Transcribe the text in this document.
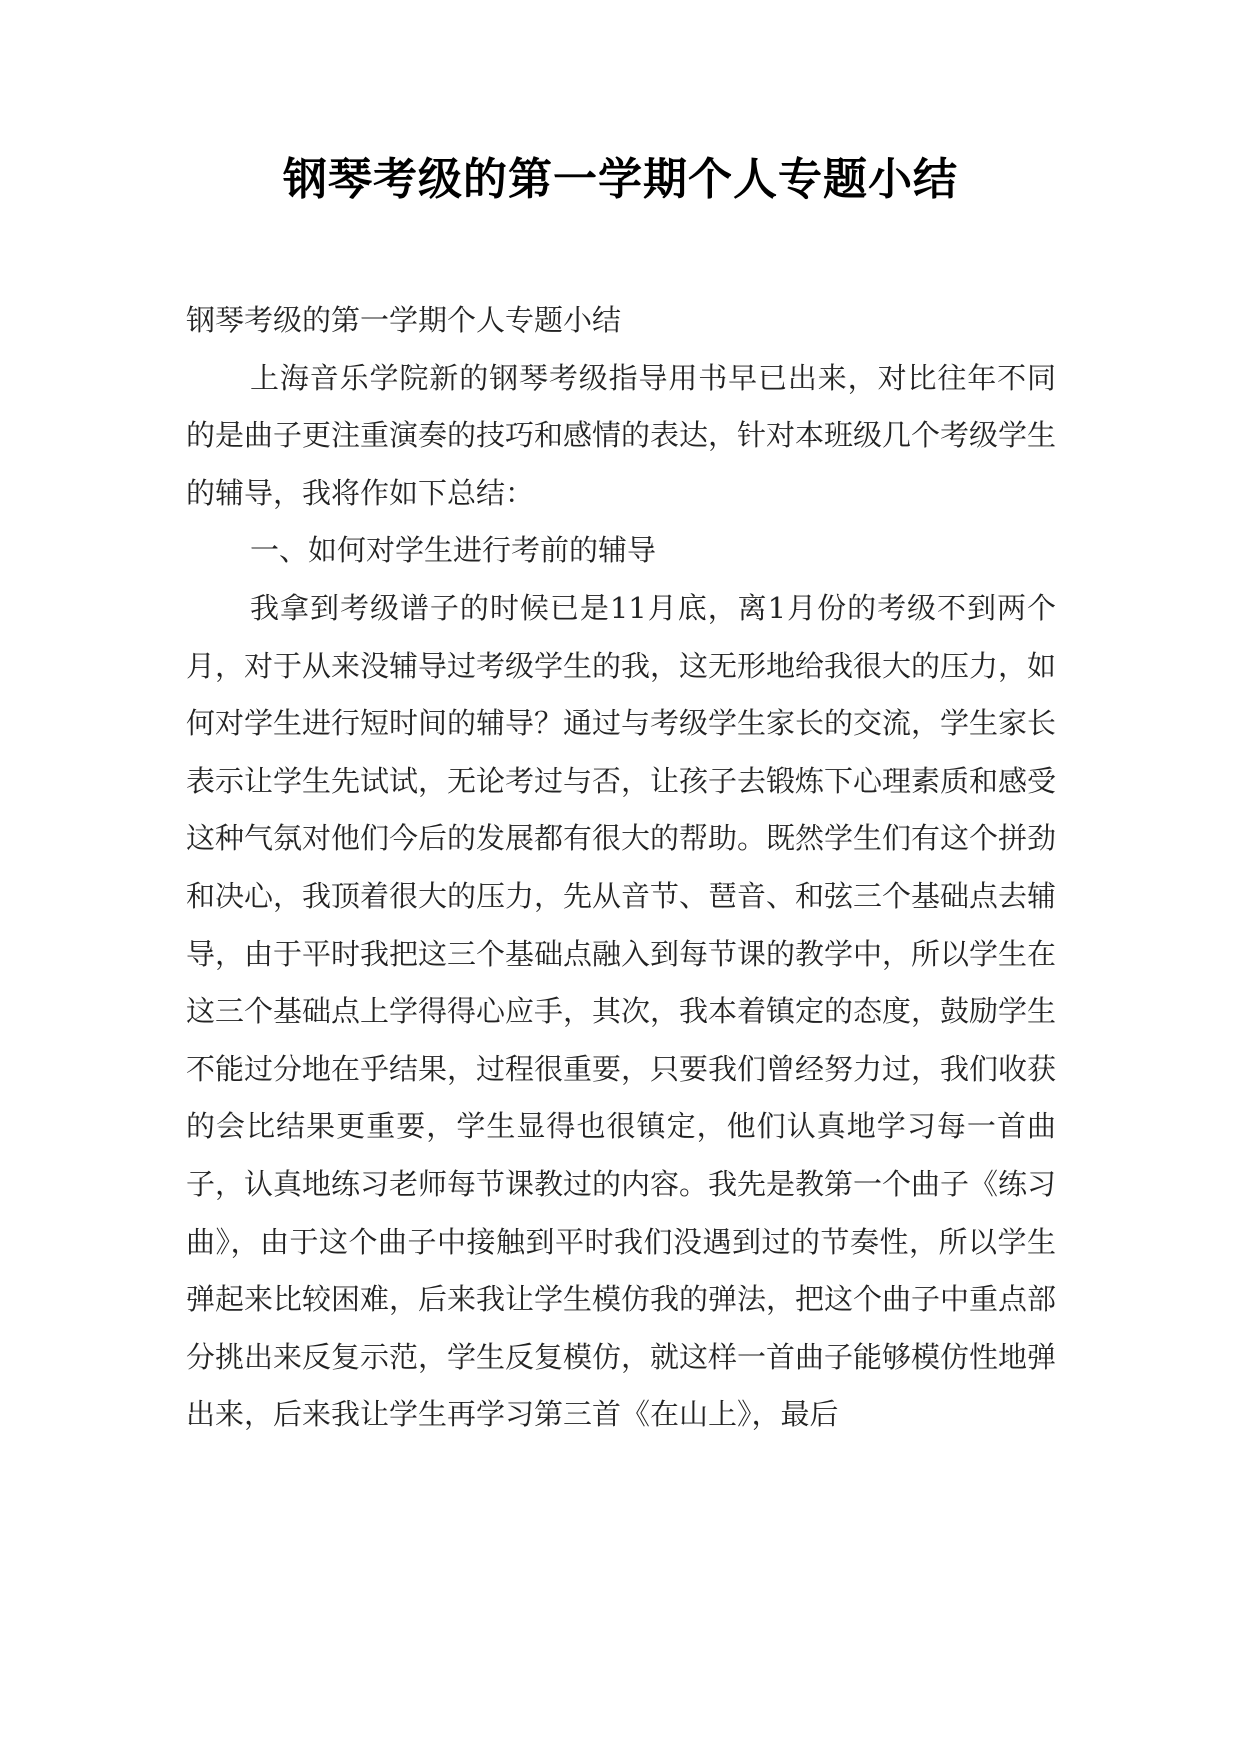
钢琴考级的第一学期个人专题小结

钢琴考级的第一学期个人专题小结

上海音乐学院新的钢琴考级指导用书早已出来，对比往年不同的是曲子更注重演奏的技巧和感情的表达，针对本班级几个考级学生的辅导，我将作如下总结：

一、如何对学生进行考前的辅导

我拿到考级谱子的时候已是11月底，离1月份的考级不到两个月，对于从来没辅导过考级学生的我，这无形地给我很大的压力，如何对学生进行短时间的辅导？通过与考级学生家长的交流，学生家长表示让学生先试试，无论考过与否，让孩子去锻炼下心理素质和感受这种气氛对他们今后的发展都有很大的帮助。既然学生们有这个拼劲和决心，我顶着很大的压力，先从音节、琶音、和弦三个基础点去辅导，由于平时我把这三个基础点融入到每节课的教学中，所以学生在这三个基础点上学得得心应手，其次，我本着镇定的态度，鼓励学生不能过分地在乎结果，过程很重要，只要我们曾经努力过，我们收获的会比结果更重要，学生显得也很镇定，他们认真地学习每一首曲子，认真地练习老师每节课教过的内容。我先是教第一个曲子《练习曲》，由于这个曲子中接触到平时我们没遇到过的节奏性，所以学生弹起来比较困难，后来我让学生模仿我的弹法，把这个曲子中重点部分挑出来反复示范，学生反复模仿，就这样一首曲子能够模仿性地弹出来，后来我让学生再学习第三首《在山上》，最后
